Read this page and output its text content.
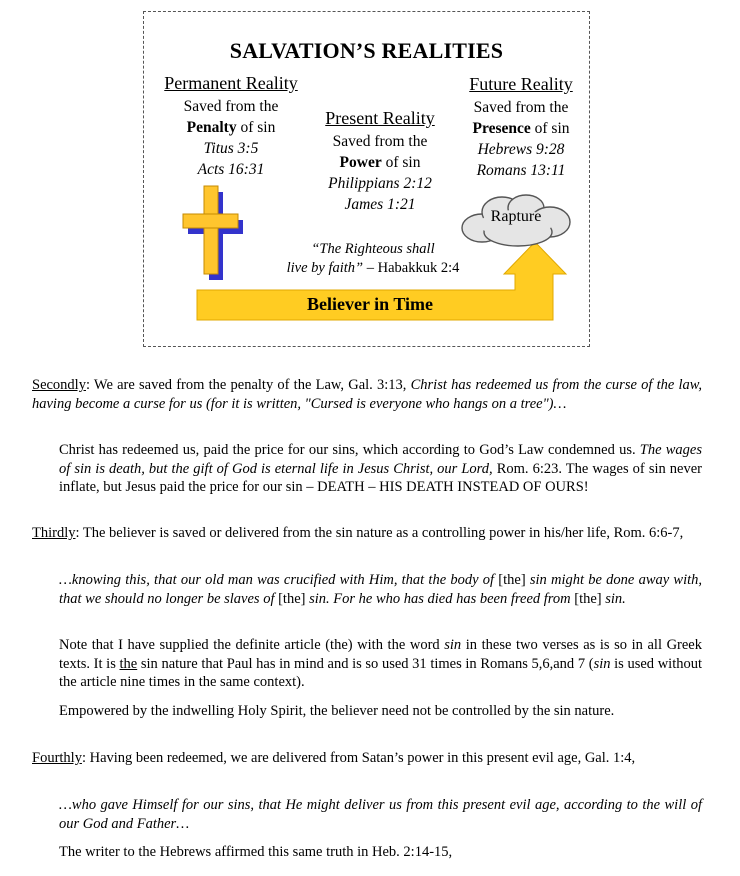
SALVATION’S REALITIES
Rapture
Permanent Reality
Saved from the
Penalty of sin
Titus 3:5
Acts 16:31
Present Reality
Saved from the
Power of sin
Philippians 2:12
James 1:21
Future Reality
Saved from the
Presence of sin
Hebrews 9:28
Romans 13:11
“The Righteous shall
live by faith” – Habakkuk 2:4
Believer in Time
Secondly: We are saved from the penalty of the Law, Gal. 3:13, Christ has redeemed us from the curse of the law, having become a curse for us (for it is written, "Cursed is everyone who hangs on a tree")…
Christ has redeemed us, paid the price for our sins, which according to God’s Law condemned us. The wages of sin is death, but the gift of God is eternal life in Jesus Christ, our Lord, Rom. 6:23. The wages of sin never inflate, but Jesus paid the price for our sin – DEATH – HIS DEATH INSTEAD OF OURS!
Thirdly: The believer is saved or delivered from the sin nature as a controlling power in his/her life, Rom. 6:6-7,
…knowing this, that our old man was crucified with Him, that the body of [the] sin might be done away with, that we should no longer be slaves of [the] sin. For he who has died has been freed from [the] sin.
Note that I have supplied the definite article (the) with the word sin in these two verses as is so in all Greek texts. It is the sin nature that Paul has in mind and is so used 31 times in Romans 5,6,and 7 (sin is used without the article nine times in the same context).
Empowered by the indwelling Holy Spirit, the believer need not be controlled by the sin nature.
Fourthly: Having been redeemed, we are delivered from Satan’s power in this present evil age, Gal. 1:4,
…who gave Himself for our sins, that He might deliver us from this present evil age, according to the will of our God and Father…
The writer to the Hebrews affirmed this same truth in Heb. 2:14-15,
